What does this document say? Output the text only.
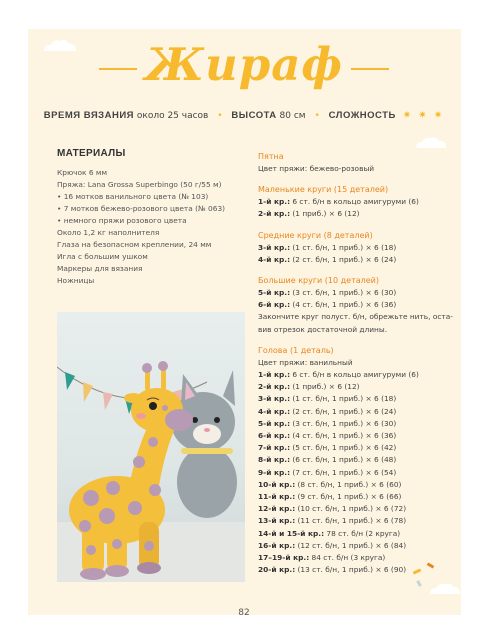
Жираф
ВРЕМЯ ВЯЗАНИЯ около 25 часов • ВЫСОТА 80 см • СЛОЖНОСТЬ ✷ ✷ ✷
МАТЕРИАЛЫ
Крючок 6 мм
Пряжа: Lana Grossa Superbingo (50 г/55 м)
• 16 мотков ванильного цвета (№ 103)
• 7 мотков бежево-розового цвета (№ 063)
• немного пряжи розового цвета
Около 1,2 кг наполнителя
Глаза на безопасном креплении, 24 мм
Игла с большим ушком
Маркеры для вязания
Ножницы
Пятна
Цвет пряжи: бежево-розовый
Маленькие круги (15 деталей)
1-й кр.: 6 ст. б/н в кольцо амигуруми (6)
2-й кр.: (1 приб.) × 6 (12)
Средние круги (8 деталей)
3-й кр.: (1 ст. б/н, 1 приб.) × 6 (18)
4-й кр.: (2 ст. б/н, 1 приб.) × 6 (24)
Большие круги (10 деталей)
5-й кр.: (3 ст. б/н, 1 приб.) × 6 (30)
6-й кр.: (4 ст. б/н, 1 приб.) × 6 (36)
Закончите круг полуст. б/н, обрежьте нить, оста-
вив отрезок достаточной длины.
Голова (1 деталь)
Цвет пряжи: ванильный
1-й кр.: 6 ст. б/н в кольцо амигуруми (6)
2-й кр.: (1 приб.) × 6 (12)
3-й кр.: (1 ст. б/н, 1 приб.) × 6 (18)
4-й кр.: (2 ст. б/н, 1 приб.) × 6 (24)
5-й кр.: (3 ст. б/н, 1 приб.) × 6 (30)
6-й кр.: (4 ст. б/н, 1 приб.) × 6 (36)
7-й кр.: (5 ст. б/н, 1 приб.) × 6 (42)
8-й кр.: (6 ст. б/н, 1 приб.) × 6 (48)
9-й кр.: (7 ст. б/н, 1 приб.) × 6 (54)
10-й кр.: (8 ст. б/н, 1 приб.) × 6 (60)
11-й кр.: (9 ст. б/н, 1 приб.) × 6 (66)
12-й кр.: (10 ст. б/н, 1 приб.) × 6 (72)
13-й кр.: (11 ст. б/н, 1 приб.) × 6 (78)
14-й и 15-й кр.: 78 ст. б/н (2 круга)
16-й кр.: (12 ст. б/н, 1 приб.) × 6 (84)
17–19-й кр.: 84 ст. б/н (3 круга)
20-й кр.: (13 ст. б/н, 1 приб.) × 6 (90)
82
